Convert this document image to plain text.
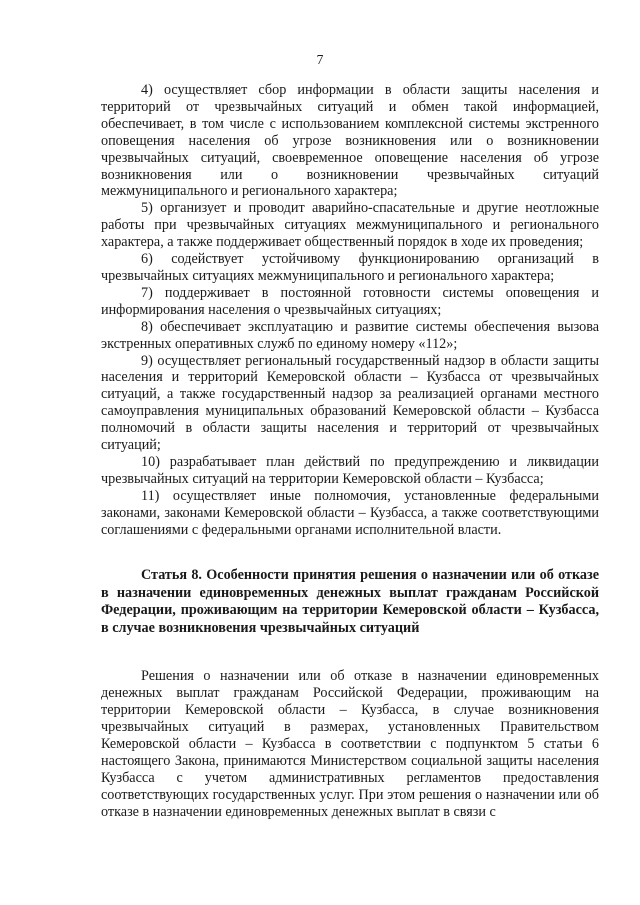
7

4) осуществляет сбор информации в области защиты населения и территорий от чрезвычайных ситуаций и обмен такой информацией, обеспечивает, в том числе с использованием комплексной системы экстренного оповещения населения об угрозе возникновения или о возникновении чрезвычайных ситуаций, своевременное оповещение населения об угрозе возникновения или о возникновении чрезвычайных ситуаций межмуниципального и регионального характера;

5) организует и проводит аварийно-спасательные и другие неотложные работы при чрезвычайных ситуациях межмуниципального и регионального характера, а также поддерживает общественный порядок в ходе их проведения;

6) содействует устойчивому функционированию организаций в чрезвычайных ситуациях межмуниципального и регионального характера;

7) поддерживает в постоянной готовности системы оповещения и информирования населения о чрезвычайных ситуациях;

8) обеспечивает эксплуатацию и развитие системы обеспечения вызова экстренных оперативных служб по единому номеру «112»;

9) осуществляет региональный государственный надзор в области защиты населения и территорий Кемеровской области – Кузбасса от чрезвычайных ситуаций, а также государственный надзор за реализацией органами местного самоуправления муниципальных образований Кемеровской области – Кузбасса полномочий в области защиты населения и территорий от чрезвычайных ситуаций;

10) разрабатывает план действий по предупреждению и ликвидации чрезвычайных ситуаций на территории Кемеровской области – Кузбасса;

11) осуществляет иные полномочия, установленные федеральными законами, законами Кемеровской области – Кузбасса, а также соответствующими соглашениями с федеральными органами исполнительной власти.

Статья 8. Особенности принятия решения о назначении или об отказе в назначении единовременных денежных выплат гражданам Российской Федерации, проживающим на территории Кемеровской области – Кузбасса, в случае возникновения чрезвычайных ситуаций

Решения о назначении или об отказе в назначении единовременных денежных выплат гражданам Российской Федерации, проживающим на территории Кемеровской области – Кузбасса, в случае возникновения чрезвычайных ситуаций в размерах, установленных Правительством Кемеровской области – Кузбасса в соответствии с подпунктом 5 статьи 6 настоящего Закона, принимаются Министерством социальной защиты населения Кузбасса с учетом административных регламентов предоставления соответствующих государственных услуг. При этом решения о назначении или об отказе в назначении единовременных денежных выплат в связи с
